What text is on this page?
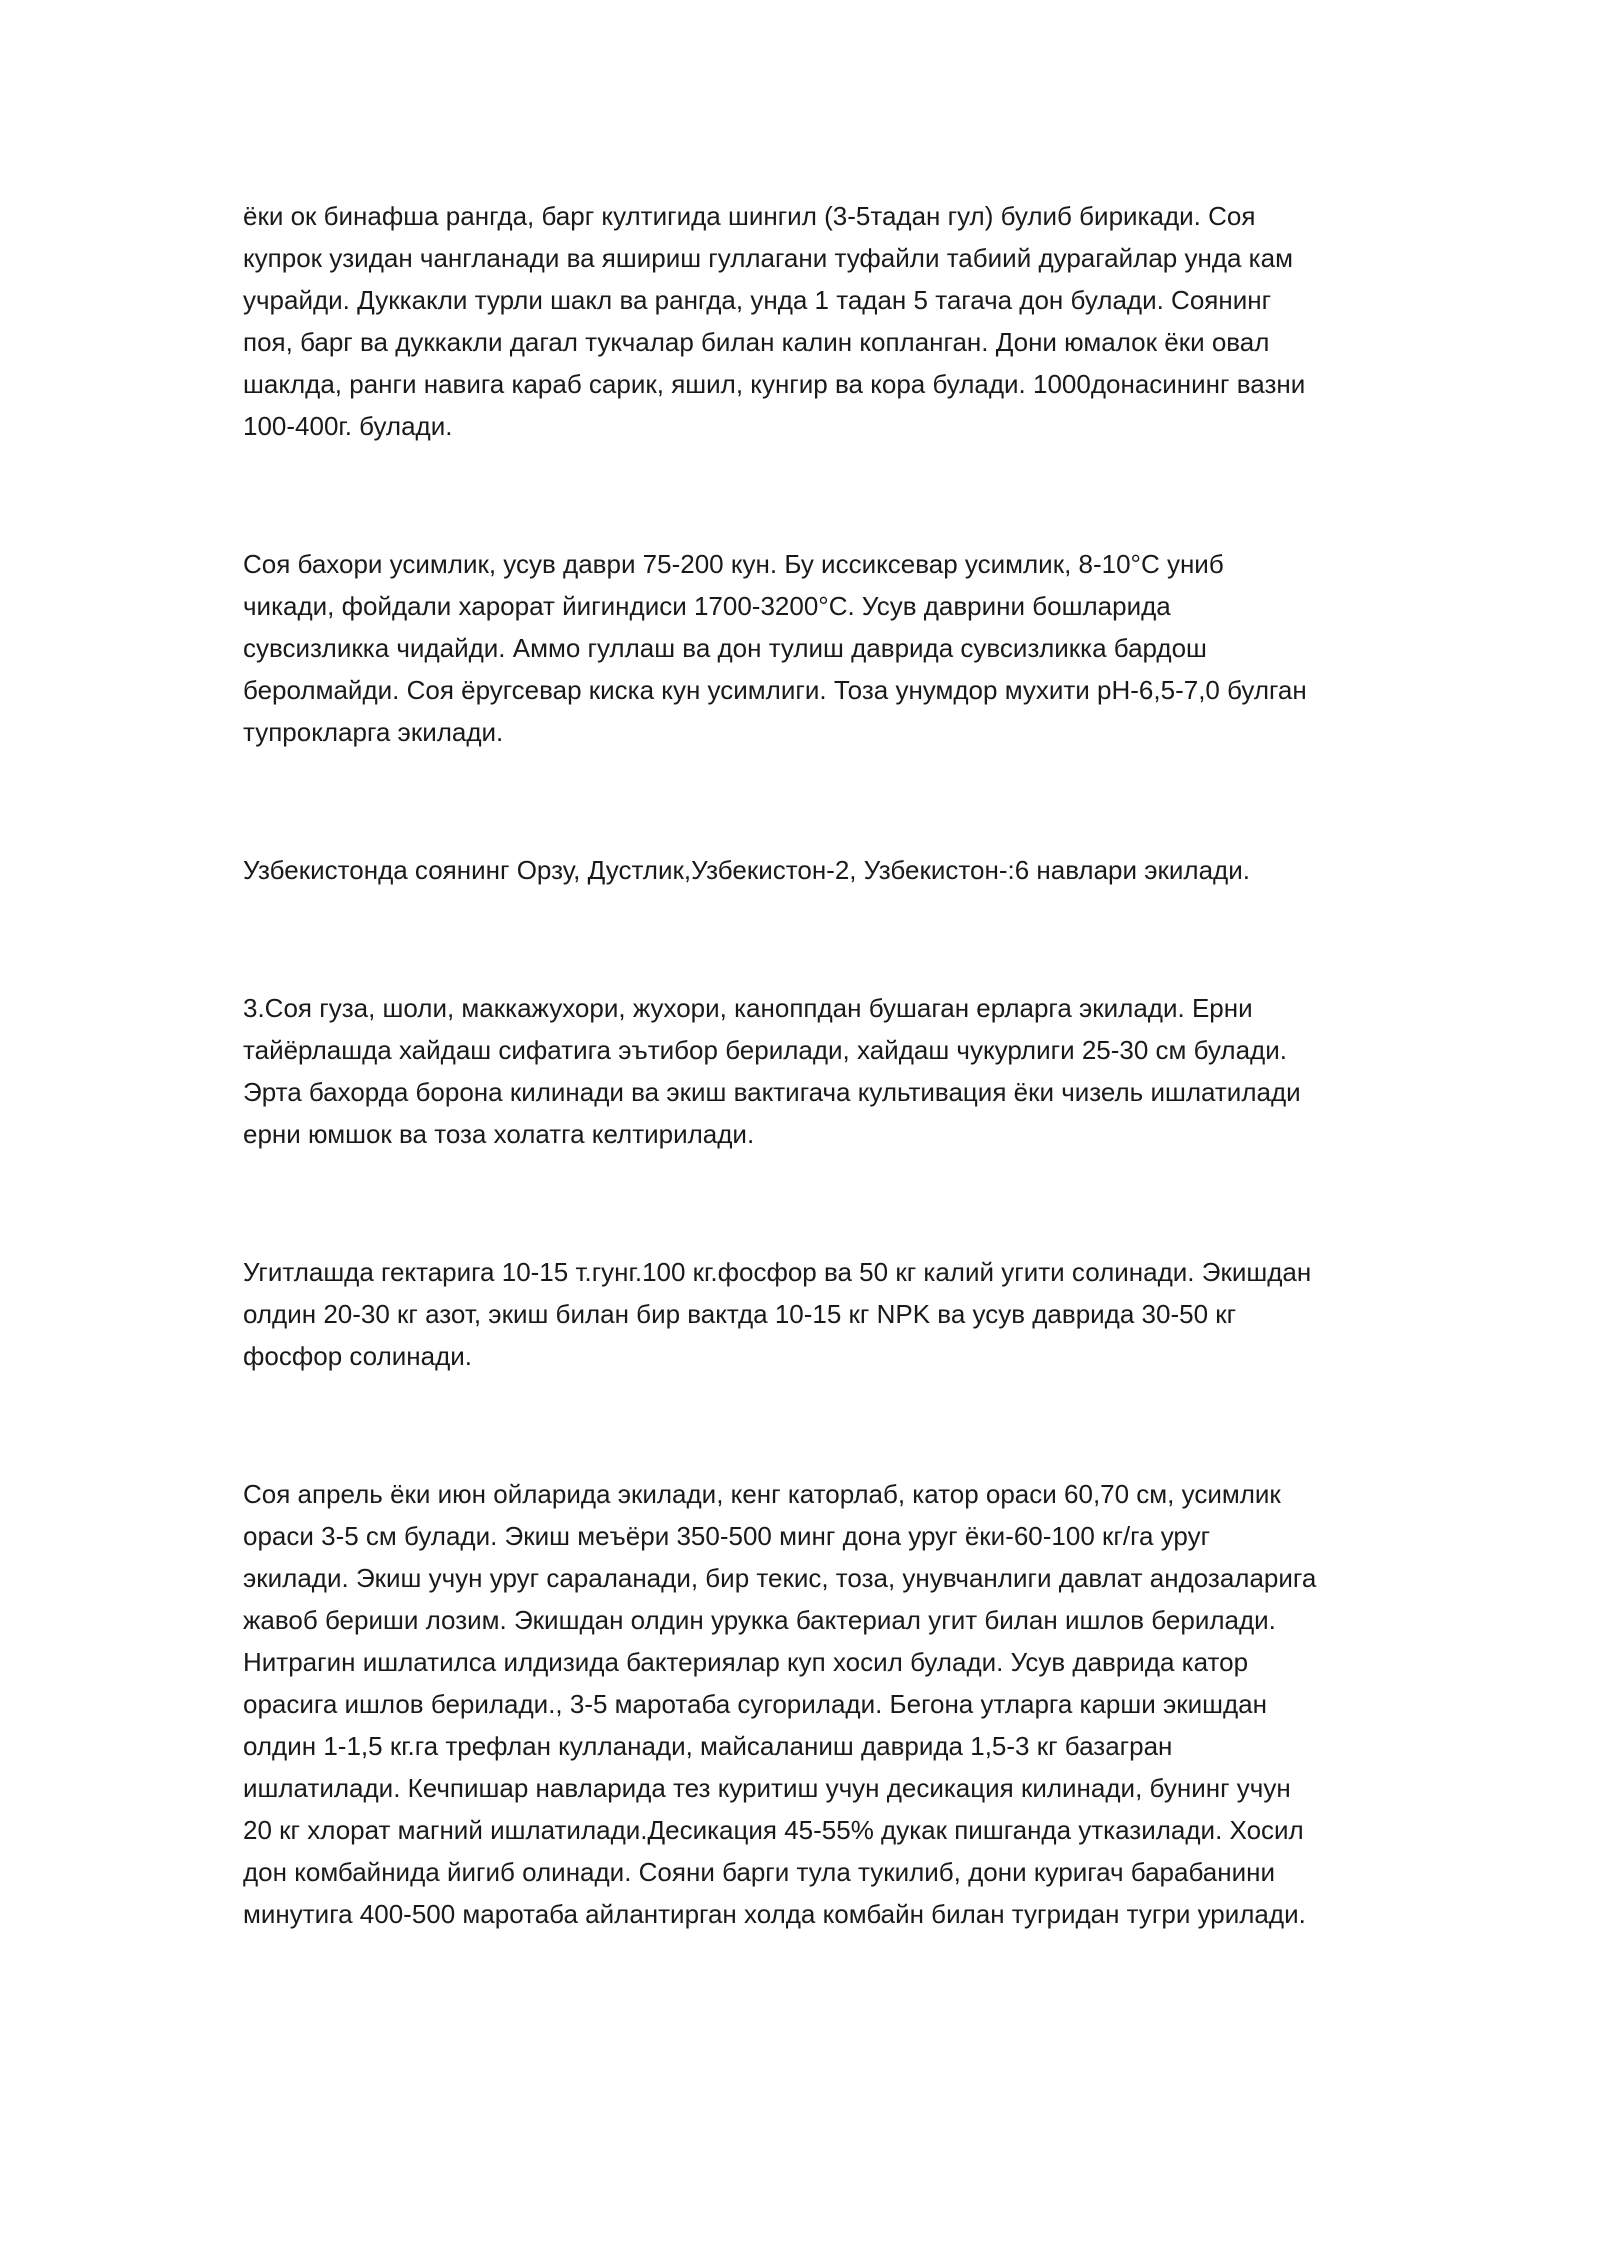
ёки ок бинафша рангда, барг култигида шингил (3-5тадан гул) булиб бирикади. Соя
купрок узидан чангланади ва яшириш гуллагани туфайли табиий дурагайлар унда кам
учрайди. Дуккакли турли шакл ва рангда, унда 1 тадан 5 тагача дон булади. Соянинг
поя, барг ва дуккакли дагал тукчалар билан калин копланган. Дони юмалок ёки овал
шаклда, ранги навига караб сарик, яшил, кунгир ва кора булади. 1000донасининг вазни
100-400г. булади.

Соя бахори усимлик, усув даври 75-200 кун. Бу иссиксевар усимлик, 8-10°С униб
чикади, фойдали харорат йигиндиси 1700-3200°С. Усув даврини бошларида
сувсизликка чидайди. Аммо гуллаш ва дон тулиш даврида сувсизликка бардош
беролмайди. Соя ёругсевар киска кун усимлиги. Тоза унумдор мухити рН-6,5-7,0 булган
тупрокларга экилади.

Узбекистонда соянинг Орзу, Дустлик,Узбекистон-2, Узбекистон-:6 навлари экилади.

3.Соя гуза, шоли, маккажухори, жухори, каноппдан бушаган ерларга экилади. Ерни
тайёрлашда хайдаш сифатига эътибор берилади, хайдаш чукурлиги 25-30 см булади.
Эрта бахорда борона килинади ва экиш вактигача культивация ёки чизель ишлатилади
ерни юмшок ва тоза холатга келтирилади.

Угитлашда гектарига 10-15 т.гунг.100 кг.фосфор ва 50 кг калий угити солинади. Экишдан
олдин 20-30 кг азот, экиш билан бир вактда 10-15 кг NPK ва усув даврида 30-50 кг
фосфор солинади.

Соя апрель ёки июн ойларида экилади, кенг каторлаб, катор ораси 60,70 см, усимлик
ораси 3-5 см булади. Экиш меъёри 350-500 минг дона уруг ёки-60-100 кг/га уруг
экилади. Экиш учун уруг сараланади, бир текис, тоза, унувчанлиги давлат андозаларига
жавоб бериши лозим. Экишдан олдин урукка бактериал угит билан ишлов берилади.
Нитрагин ишлатилса илдизида бактериялар куп хосил булади. Усув даврида катор
орасига ишлов берилади., 3-5 маротаба сугорилади. Бегона утларга карши экишдан
олдин 1-1,5 кг.га трефлан кулланади, майсаланиш даврида 1,5-3 кг базагран
ишлатилади. Кечпишар навларида тез куритиш учун десикация килинади, бунинг учун
20 кг хлорат магний ишлатилади.Десикация 45-55% дукак пишганда утказилади. Хосил
дон комбайнида йигиб олинади. Сояни барги тула тукилиб, дони куригач барабанини
минутига 400-500 маротаба айлантирган холда комбайн билан тугридан тугри урилади.
